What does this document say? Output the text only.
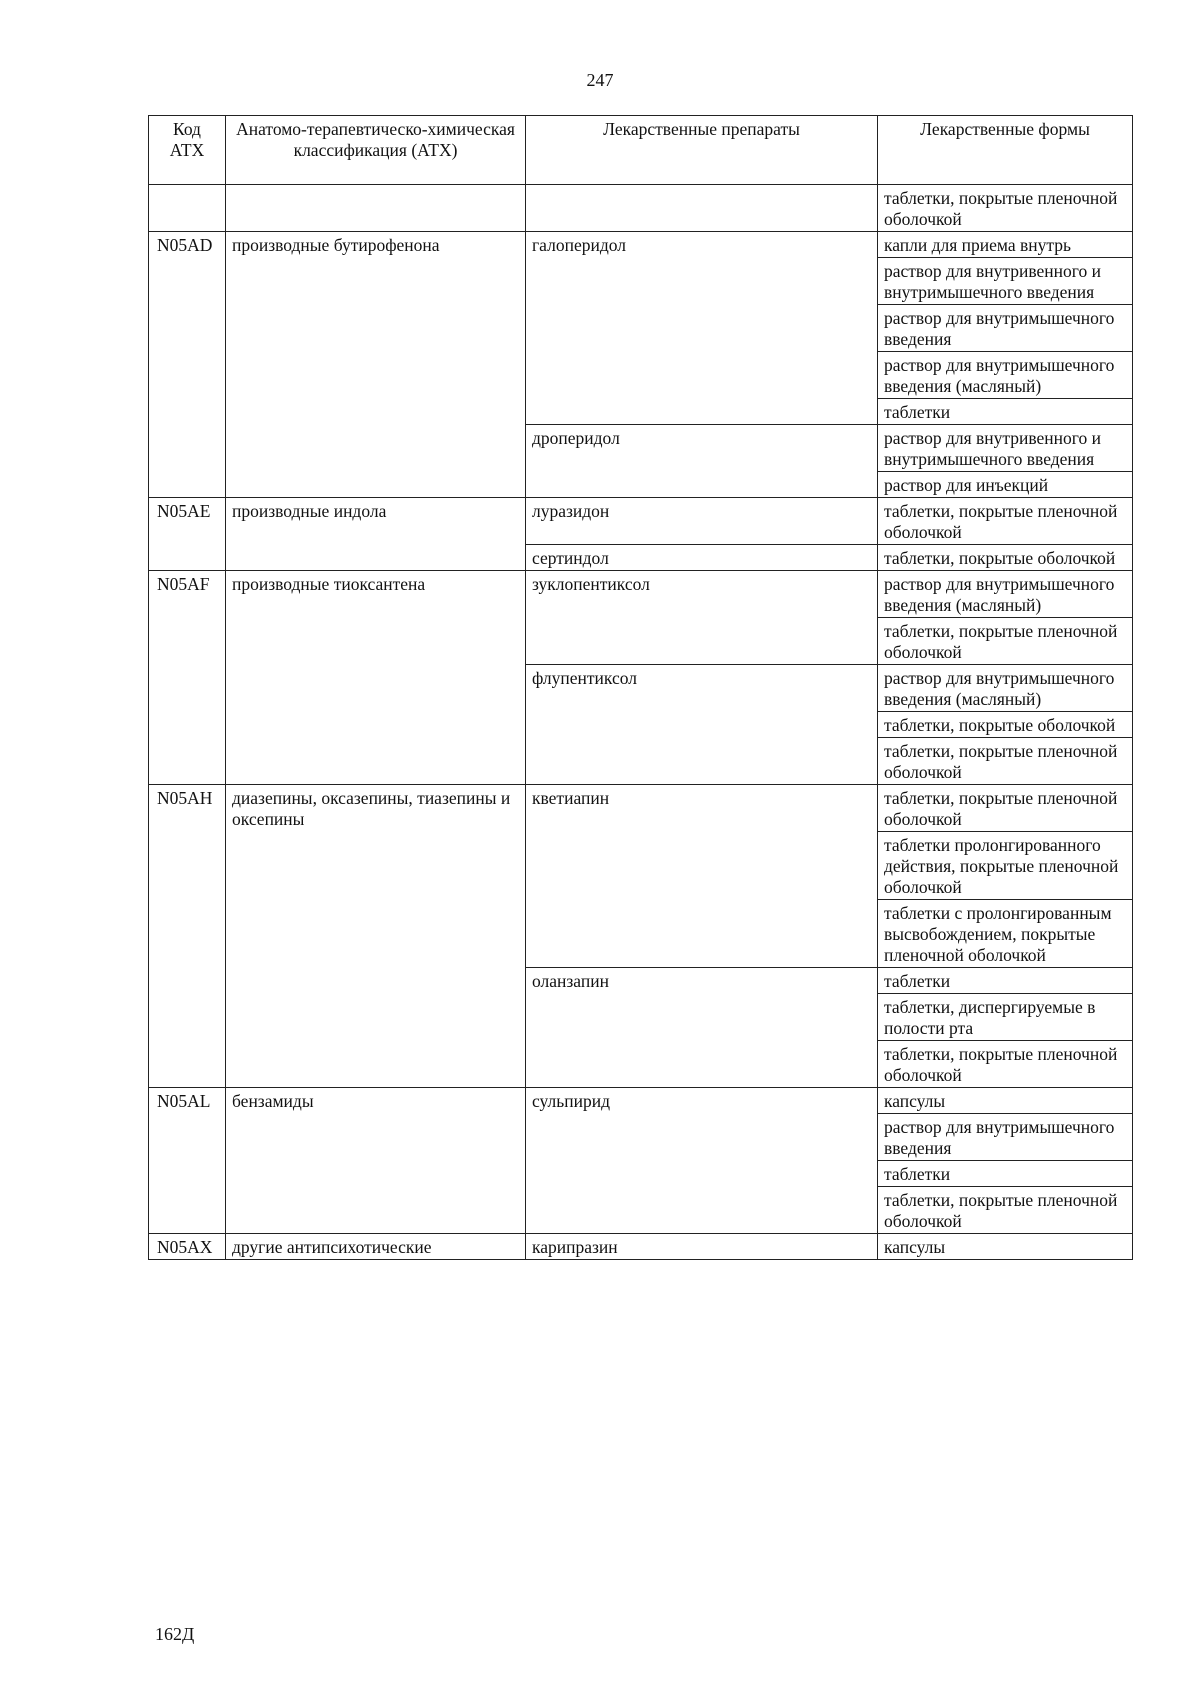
247
Код АТХ	Анатомо-терапевтическо-химическая классификация (АТХ)	Лекарственные препараты	Лекарственные формы
			таблетки, покрытые пленочной оболочкой
N05AD	производные бутирофенона	галоперидол	капли для приема внутрь
			раствор для внутривенного и внутримышечного введения
			раствор для внутримышечного введения
			раствор для внутримышечного введения (масляный)
			таблетки
		дроперидол	раствор для внутривенного и внутримышечного введения
			раствор для инъекций
N05AE	производные индола	луразидон	таблетки, покрытые пленочной оболочкой
		сертиндол	таблетки, покрытые оболочкой
N05AF	производные тиоксантена	зуклопентиксол	раствор для внутримышечного введения (масляный)
			таблетки, покрытые пленочной оболочкой
		флупентиксол	раствор для внутримышечного введения (масляный)
			таблетки, покрытые оболочкой
			таблетки, покрытые пленочной оболочкой
N05AH	диазепины, оксазепины, тиазепины и оксепины	кветиапин	таблетки, покрытые пленочной оболочкой
			таблетки пролонгированного действия, покрытые пленочной оболочкой
			таблетки с пролонгированным высвобождением, покрытые пленочной оболочкой
		оланзапин	таблетки
			таблетки, диспергируемые в полости рта
			таблетки, покрытые пленочной оболочкой
N05AL	бензамиды	сульпирид	капсулы
			раствор для внутримышечного введения
			таблетки
			таблетки, покрытые пленочной оболочкой
N05AX	другие антипсихотические	карипразин	капсулы
162Д
